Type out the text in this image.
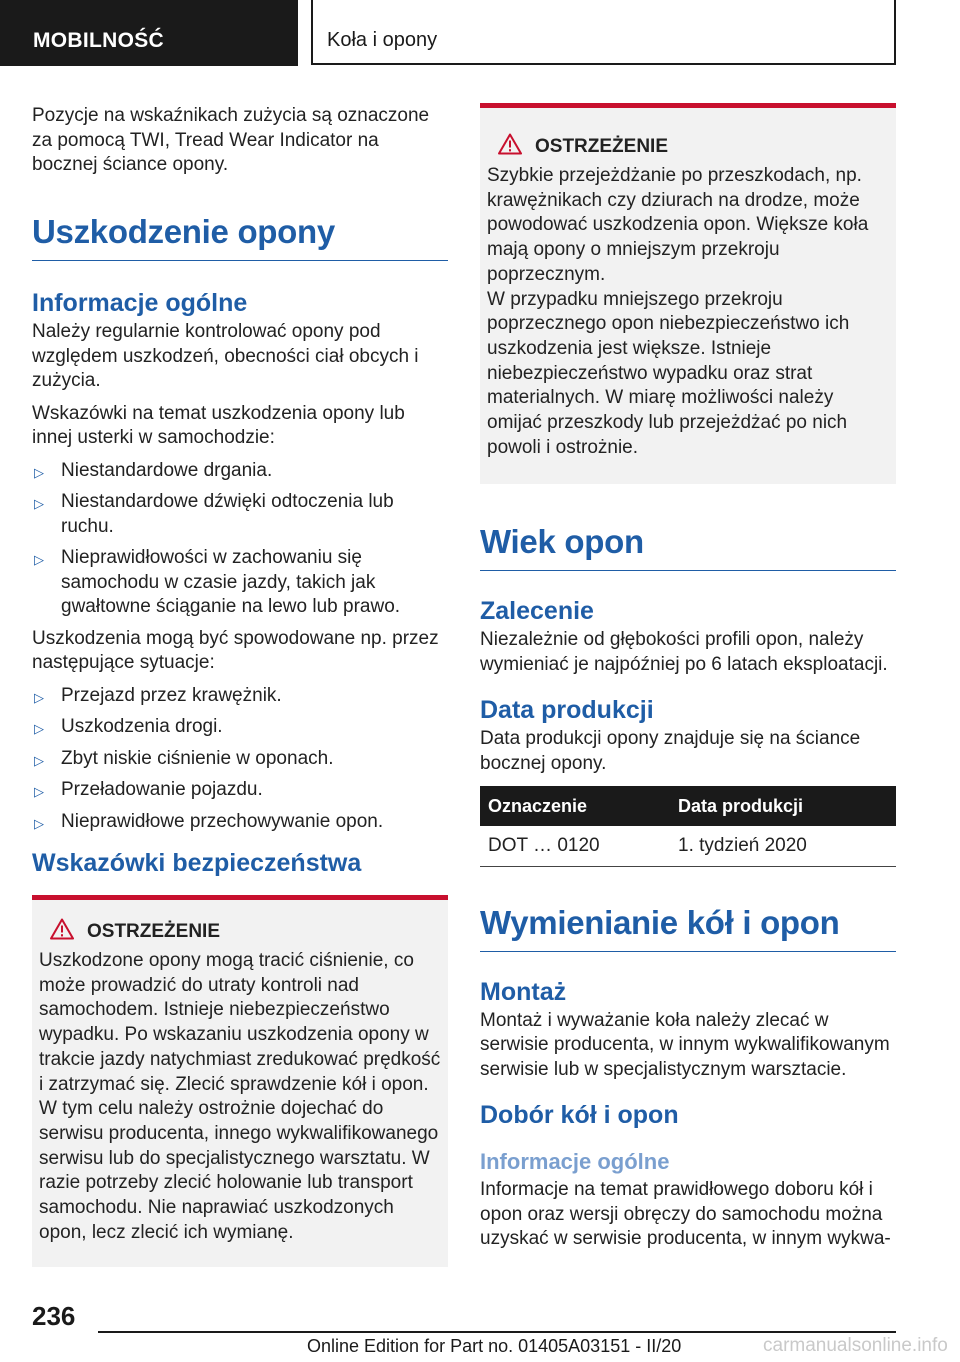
MOBILNOŚĆ	Koła i opony

Pozycje na wskaźnikach zużycia są oznaczone za pomocą TWI, Tread Wear Indicator na bocznej ściance opony.

Uszkodzenie opony
Informacje ogólne

Należy regularnie kontrolować opony pod względem uszkodzeń, obecności ciał obcych i zużycia.

Wskazówki na temat uszkodzenia opony lub innej usterki w samochodzie:

▷ Niestandardowe drgania.
▷ Niestandardowe dźwięki odtoczenia lub ruchu.
▷ Nieprawidłowości w zachowaniu się samochodu w czasie jazdy, takich jak gwałtowne ściąganie na lewo lub prawo.

Uszkodzenia mogą być spowodowane np. przez następujące sytuacje:

▷ Przejazd przez krawężnik.
▷ Uszkodzenia drogi.
▷ Zbyt niskie ciśnienie w oponach.
▷ Przeładowanie pojazdu.
▷ Nieprawidłowe przechowywanie opon.
Wskazówki bezpieczeństwa
OSTRZEŻENIE

Uszkodzone opony mogą tracić ciśnienie, co może prowadzić do utraty kontroli nad samochodem. Istnieje niebezpieczeństwo wypadku. Po wskazaniu uszkodzenia opony w trakcie jazdy natychmiast zredukować prędkość i zatrzymać się. Zlecić sprawdzenie kół i opon. W tym celu należy ostrożnie dojechać do serwisu producenta, innego wykwalifikowanego serwisu lub do specjalistycznego warsztatu. W razie potrzeby zlecić holowanie lub transport samochodu. Nie naprawiać uszkodzonych opon, lecz zlecić ich wymianę.

OSTRZEŻENIE

Szybkie przejeżdżanie po przeszkodach, np. krawężnikach czy dziurach na drodze, może powodować uszkodzenia opon. Większe koła mają opony o mniejszym przekroju poprzecznym.

W przypadku mniejszego przekroju poprzecznego opon niebezpieczeństwo ich uszkodzenia jest większe. Istnieje niebezpieczeństwo wypadku oraz strat materialnych. W miarę możliwości należy omijać przeszkody lub przejeżdżać po nich powoli i ostrożnie.

Wiek opon
Zalecenie

Niezależnie od głębokości profili opon, należy wymieniać je najpóźniej po 6 latach eksploatacji.

Data produkcji

Data produkcji opony znajduje się na ściance bocznej opony.

Oznaczenie	Data produkcji
DOT … 0120	1. tydzień 2020
Wymienianie kół i opon
Montaż

Montaż i wyważanie koła należy zlecać w serwisie producenta, w innym wykwalifikowanym serwisie lub w specjalistycznym warsztacie.

Dobór kół i opon
Informacje ogólne

Informacje na temat prawidłowego doboru kół i opon oraz wersji obręczy do samochodu można uzyskać w serwisie producenta, w innym wykwa-

236
Online Edition for Part no. 01405A03151 - II/20	carmanualsonline.info
